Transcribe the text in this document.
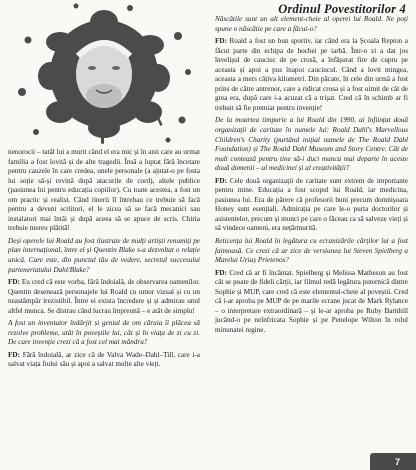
Ordinul Povestitorilor 4

nenorocii – tatăl lui a murit când el era mic și în anii care au urmat familia a fost lovită și de alte tragedii. Însă a luptat fără încetare pentru cauzele în care credea, unele personale (a ajutat-o pe fosta lui soție să-și revină după atacurile de cord), altele publice (pasiunea lui pentru educația copiilor). Cu toate acestea, a fost un om practic și realist. Când tinerii îl întrebau ce trebuie să facă pentru a deveni scriitori, el le zicea să se facă mecanici sau instalatori mai întâi și după aceea să se apuce de scris. Chiria trebuie mereu plătită!

Deși operele lui Roald au fost ilustrate de mulți artiști renumiți pe plan internațional, între el și Quentin Blake s-a dezvoltat o relație unică. Care este, din punctul tău de vedere, secretul succesului parteneriatului Dahl/Blake?

FD: Eu cred că este vorba, fără îndoială, de observarea oamenilor. Quentin desenează personajele lui Roald cu umor vizual și cu un neastâmpăr irezistibil. Între ei exista încredere și și admirau unul altfel munca. Se distrau când lucrau împreună – e atât de simplu!

A fost un inventator îndârjit și genial de om căruia îi plăcea să rezolve probleme, atât în poveștile lui, cât și în viața de zi cu zi. De care invenție crezi că a fost cel mai mândru?

FD: Fără îndoială, ar zice că de Valva Wade–Dahl–Till, care i-a salvat viața fiului său și apoi a salvat multe alte vieți.

Născătile sunt un alt element-cheie al operei lui Roald. Ne poți spune o născătie pe care a făcut-o?

FD: Roald a fost un bun sportiv, iar când era la Școala Repton a făcut parte din echipa de hochei pe iarbă. Într-o zi a dat jos învelișul de cauciuc de pe crosă, a înfășurat fire de cupru pe aceasta și apoi a pus înapoi cauciucul. Când a lovit mingea, aceasta a mers câțiva kilometri. Din păcate, în cele din urmă a fost prins de către antrenor, care a ridicat crosa și a fost uimit de cât de grea era, după care i-a acuzat că a trișat. Cred că în schimb ar fi trebuit să fie premiat pentru invenție!

De la moartea timpurie a lui Roald din 1990, ai înființat două organizații de caritate în numele lui: Roald Dahl's Marvellous Children's Charity (purtând inițial numele de The Roald Dahl Foundation) și The Roald Dahl Museum and Story Centre. Cât de mult contează pentru tine să-i duci munca mai departe în aceste două domenii – al medicinei și al creativității?

FD: Cele două organizații de caritate sunt extrem de importante pentru mine. Educația a fost scopul lui Roald, iar medicina, pasiunea lui. Era de părere că profesorii buni precum domnișoara Honey sunt esențiali. Admirația pe care le-o purta doctorilor și asistentelor, precum și munci pe care o făceau ca să salveze vieți și să vindece oameni, era nețărmurită.

Reticența lui Roald în legătura cu ecranizările cărților lui a fost faimoasă. Ce crezi că ar zice de versiunea lui Steven Spielberg a Marelui Uriaș Prietenos?

FD: Cred că ar fi încântat. Spielberg și Melissa Matheson au fost cât se poate de fideli cărții, iar filmul redă legătura puternică dintre Sophie și MUP, care cred că este elementul-cheie al poveștii. Cred că i-ar aproba pe MUP de pe marile ecrane jucat de Mark Rylance – o interpretare extraordinară – și le-ar aproba pe Ruby Barnhill jucând-o pe neînfricata Sophie și pe Penelope Wilton în rolul minunatei regine.

7
